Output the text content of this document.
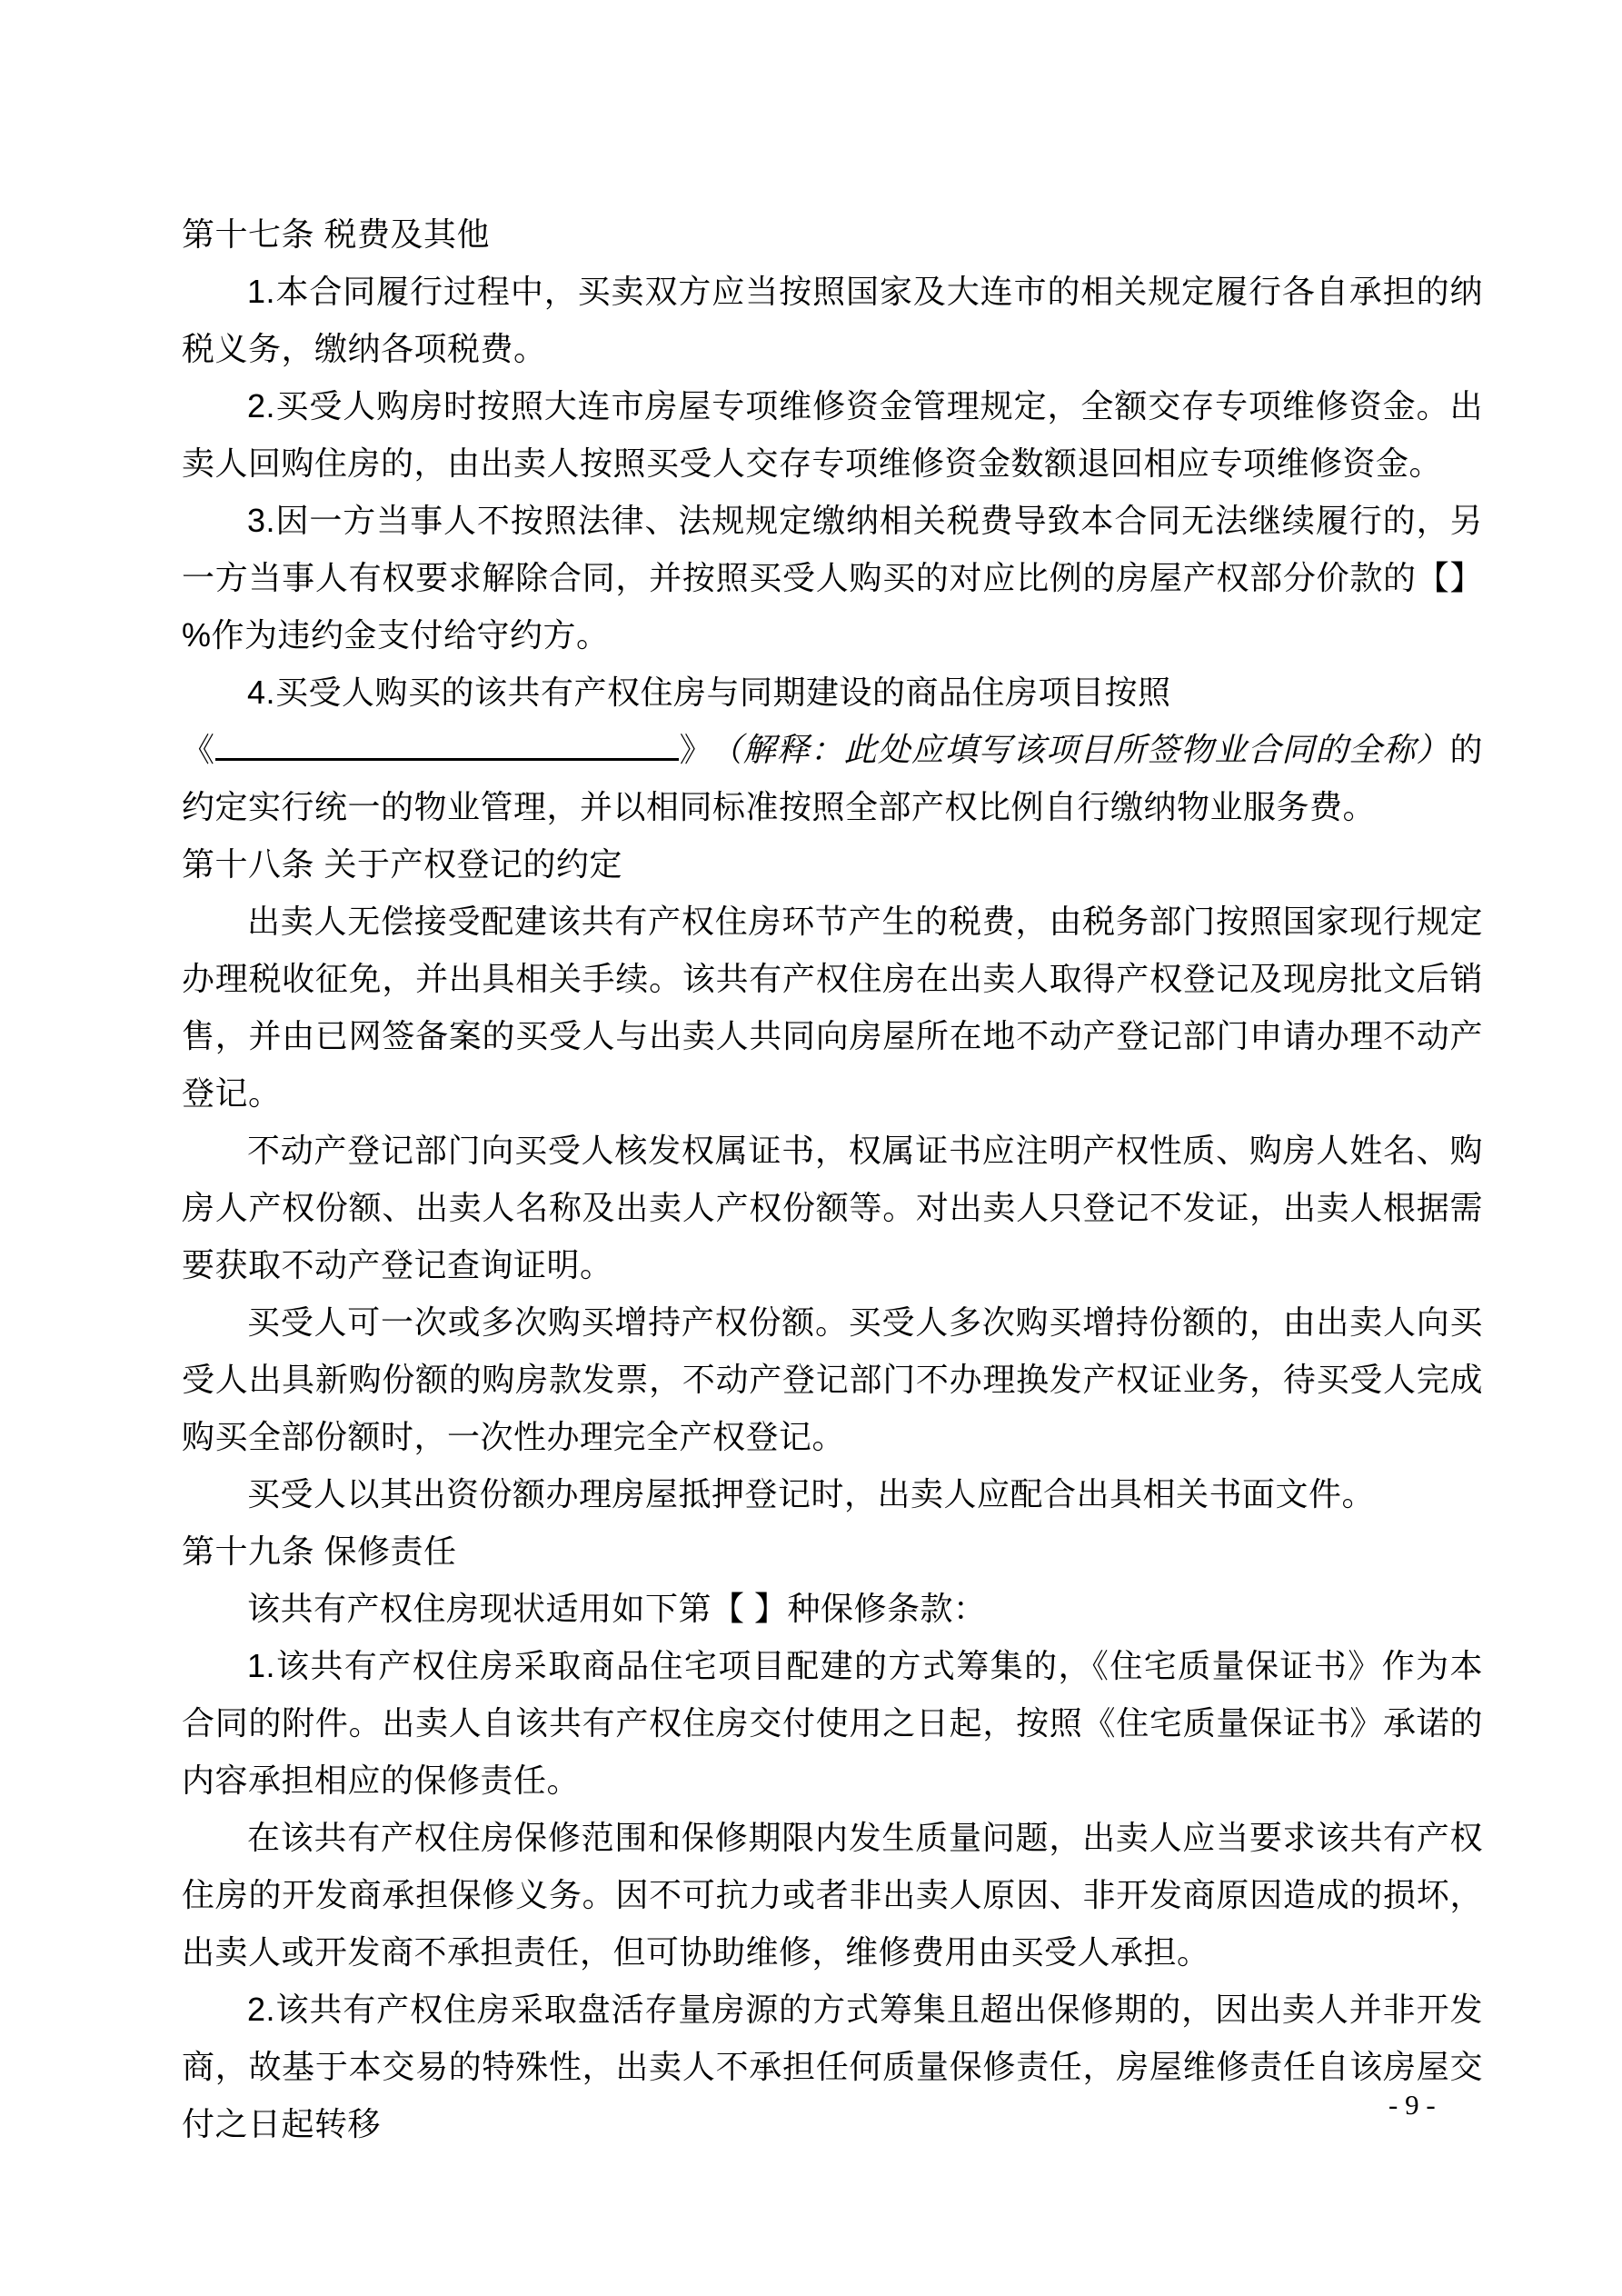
第十七条 税费及其他

1.本合同履行过程中，买卖双方应当按照国家及大连市的相关规定履行各自承担的纳税义务，缴纳各项税费。

2.买受人购房时按照大连市房屋专项维修资金管理规定，全额交存专项维修资金。出卖人回购住房的，由出卖人按照买受人交存专项维修资金数额退回相应专项维修资金。

3.因一方当事人不按照法律、法规规定缴纳相关税费导致本合同无法继续履行的，另一方当事人有权要求解除合同，并按照买受人购买的对应比例的房屋产权部分价款的【】%作为违约金支付给守约方。

4.买受人购买的该共有产权住房与同期建设的商品住房项目按照
《	》 （解释：此处应填写该项目所签物业合同的全称）的约定实行统一的物业管理，并以相同标准按照全部产权比例自行缴纳物业服务费。

第十八条 关于产权登记的约定

出卖人无偿接受配建该共有产权住房环节产生的税费，由税务部门按照国家现行规定办理税收征免，并出具相关手续。该共有产权住房在出卖人取得产权登记及现房批文后销售，并由已网签备案的买受人与出卖人共同向房屋所在地不动产登记部门申请办理不动产登记。

不动产登记部门向买受人核发权属证书，权属证书应注明产权性质、购房人姓名、购房人产权份额、出卖人名称及出卖人产权份额等。对出卖人只登记不发证，出卖人根据需要获取不动产登记查询证明。

买受人可一次或多次购买增持产权份额。买受人多次购买增持份额的，由出卖人向买受人出具新购份额的购房款发票，不动产登记部门不办理换发产权证业务，待买受人完成购买全部份额时，一次性办理完全产权登记。

买受人以其出资份额办理房屋抵押登记时，出卖人应配合出具相关书面文件。

第十九条 保修责任

该共有产权住房现状适用如下第【 】种保修条款：

1.该共有产权住房采取商品住宅项目配建的方式筹集的，《住宅质量保证书》作为本合同的附件。出卖人自该共有产权住房交付使用之日起，按照《住宅质量保证书》承诺的内容承担相应的保修责任。

在该共有产权住房保修范围和保修期限内发生质量问题，出卖人应当要求该共有产权住房的开发商承担保修义务。因不可抗力或者非出卖人原因、非开发商原因造成的损坏，出卖人或开发商不承担责任，但可协助维修，维修费用由买受人承担。

2.该共有产权住房采取盘活存量房源的方式筹集且超出保修期的，因出卖人并非开发商，故基于本交易的特殊性，出卖人不承担任何质量保修责任，房屋维修责任自该房屋交付之日起转移

- 9 -
